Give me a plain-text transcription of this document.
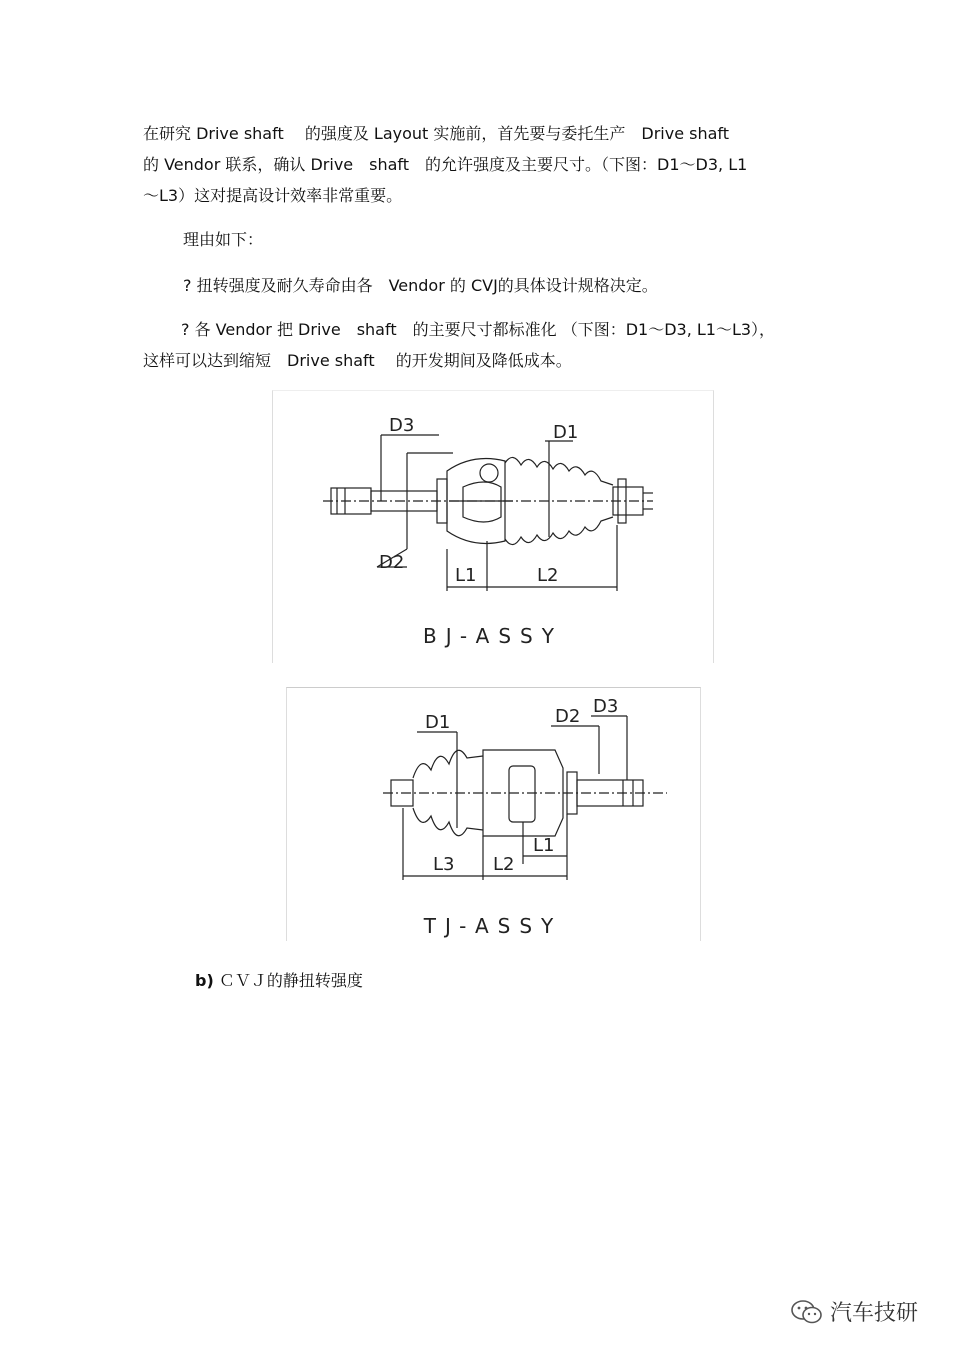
在研究 Drive shaft　 的强度及 Layout 实施前，首先要与委托生产　Drive shaft
的 Vendor 联系，确认 Drive　shaft　的允许强度及主要尺寸。（下图：D1～D3, L1
～L3）这对提高设计效率非常重要。
理由如下：
? 扭转强度及耐久寿命由各　Vendor 的 CVJ的具体设计规格决定。
? 各 Vendor 把 Drive　shaft　的主要尺寸都标准化 （下图：D1～D3, L1～L3），
这样可以达到缩短　Drive shaft　 的开发期间及降低成本。
D3
D2
D1
L1	L2
BJ-ASSY
D1	D2 D3
L3 L2
L1
TJ-ASSY
b) ＣＶＪ的静扭转强度
汽车技研
